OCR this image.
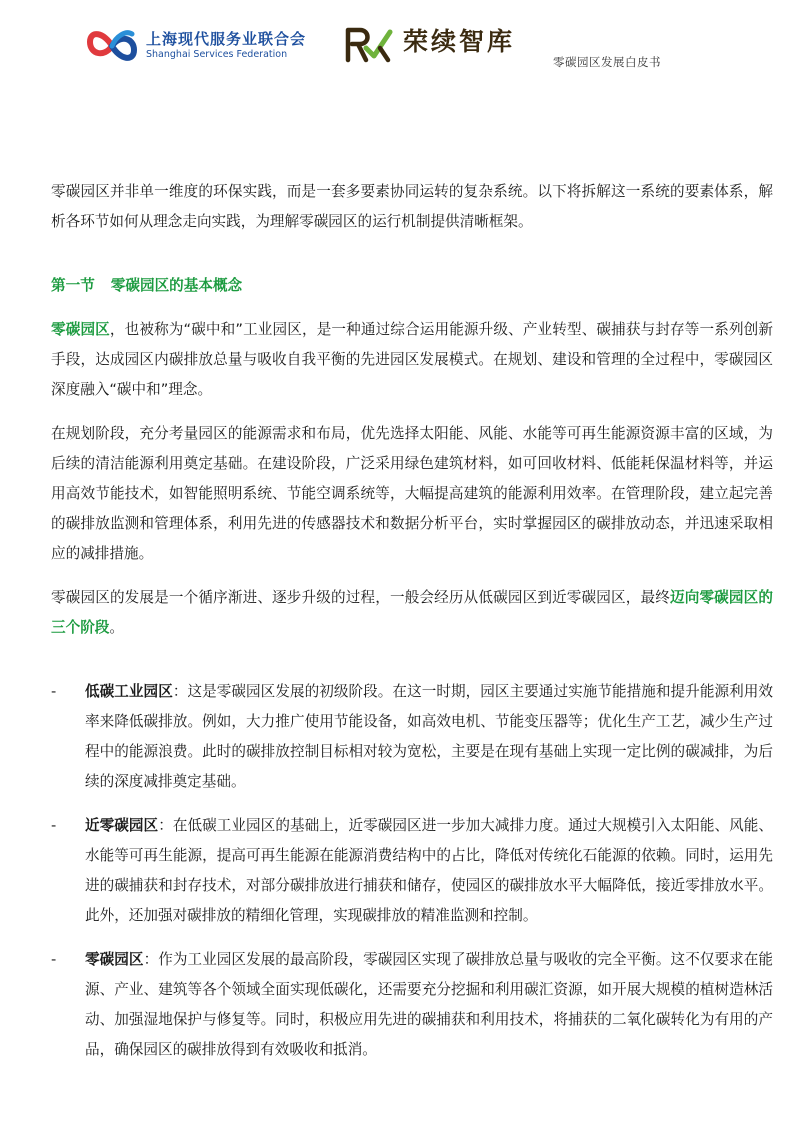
上海现代服务业联合会
Shanghai Services Federation	荣续智库
零碳园区发展白皮书

零碳园区并非单一维度的环保实践，而是一套多要素协同运转的复杂系统。以下将拆解这一系统的要素体系，解析各环节如何从理念走向实践，为理解零碳园区的运行机制提供清晰框架。

第一节 零碳园区的基本概念

零碳园区，也被称为“碳中和”工业园区，是一种通过综合运用能源升级、产业转型、碳捕获与封存等一系列创新手段，达成园区内碳排放总量与吸收自我平衡的先进园区发展模式。在规划、建设和管理的全过程中，零碳园区深度融入“碳中和”理念。

在规划阶段，充分考量园区的能源需求和布局，优先选择太阳能、风能、水能等可再生能源资源丰富的区域，为后续的清洁能源利用奠定基础。在建设阶段，广泛采用绿色建筑材料，如可回收材料、低能耗保温材料等，并运用高效节能技术，如智能照明系统、节能空调系统等，大幅提高建筑的能源利用效率。在管理阶段，建立起完善的碳排放监测和管理体系，利用先进的传感器技术和数据分析平台，实时掌握园区的碳排放动态，并迅速采取相应的减排措施。

零碳园区的发展是一个循序渐进、逐步升级的过程，一般会经历从低碳园区到近零碳园区，最终迈向零碳园区的三个阶段。

- 低碳工业园区：这是零碳园区发展的初级阶段。在这一时期，园区主要通过实施节能措施和提升能源利用效率来降低碳排放。例如，大力推广使用节能设备，如高效电机、节能变压器等；优化生产工艺，减少生产过程中的能源浪费。此时的碳排放控制目标相对较为宽松，主要是在现有基础上实现一定比例的碳减排，为后续的深度减排奠定基础。

- 近零碳园区：在低碳工业园区的基础上，近零碳园区进一步加大减排力度。通过大规模引入太阳能、风能、水能等可再生能源，提高可再生能源在能源消费结构中的占比，降低对传统化石能源的依赖。同时，运用先进的碳捕获和封存技术，对部分碳排放进行捕获和储存，使园区的碳排放水平大幅降低，接近零排放水平。此外，还加强对碳排放的精细化管理，实现碳排放的精准监测和控制。

- 零碳园区：作为工业园区发展的最高阶段，零碳园区实现了碳排放总量与吸收的完全平衡。这不仅要求在能源、产业、建筑等各个领域全面实现低碳化，还需要充分挖掘和利用碳汇资源，如开展大规模的植树造林活动、加强湿地保护与修复等。同时，积极应用先进的碳捕获和利用技术，将捕获的二氧化碳转化为有用的产品，确保园区的碳排放得到有效吸收和抵消。
